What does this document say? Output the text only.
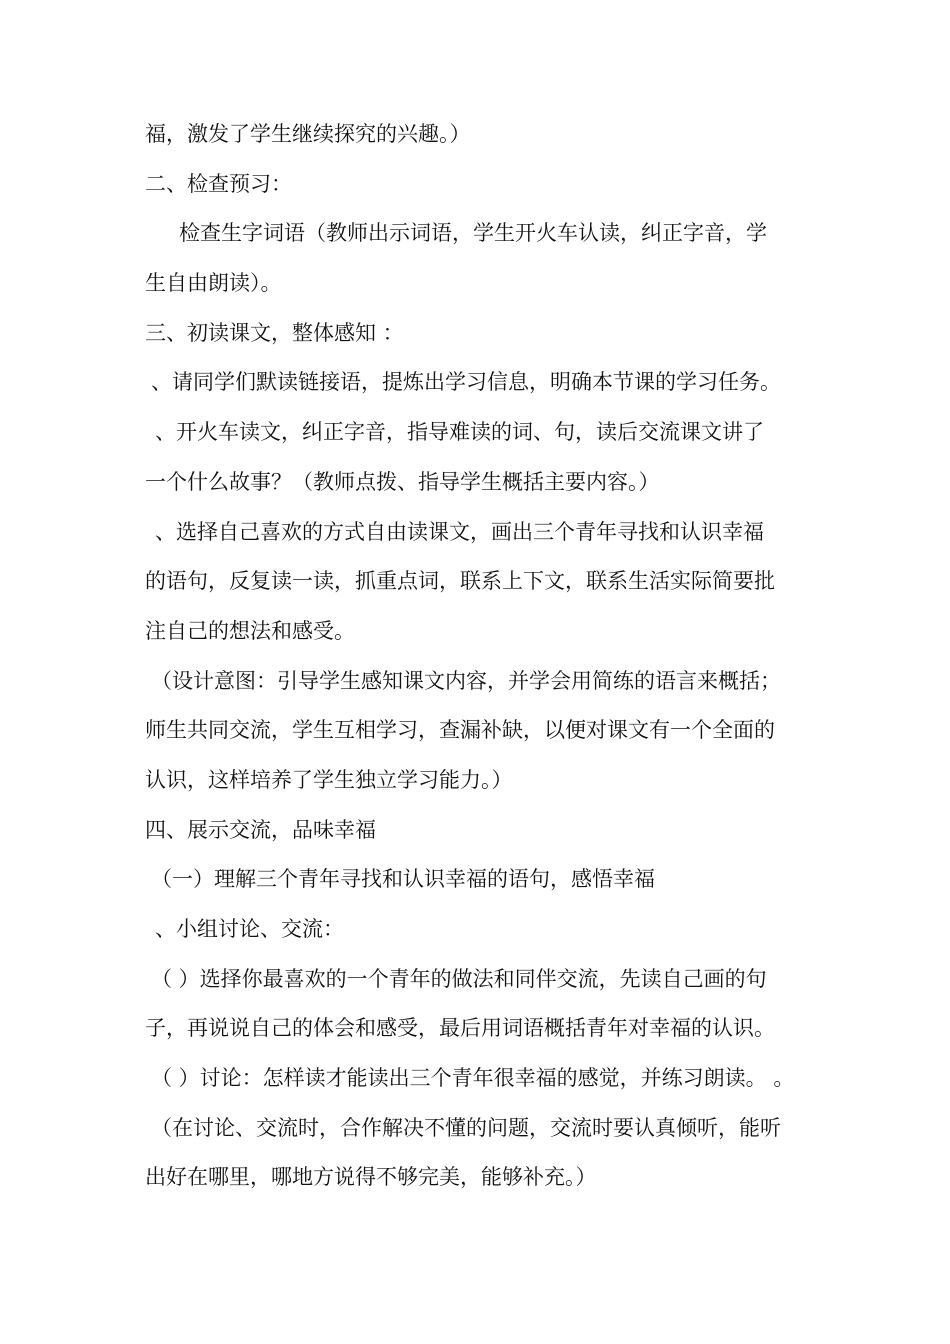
福，激发了学生继续探究的兴趣。）
二、检查预习：
检查生字词语（教师出示词语，学生开火车认读，纠正字音，学
生自由朗读）。
三、初读课文，整体感知 ：
、请同学们默读链接语，提炼出学习信息，明确本节课的学习任务。
、开火车读文，纠正字音，指导难读的词、句，读后交流课文讲了
一个什么故事？（教师点拨、指导学生概括主要内容。）
、选择自己喜欢的方式自由读课文，画出三个青年寻找和认识幸福
的语句，反复读一读，抓重点词，联系上下文，联系生活实际简要批
注自己的想法和感受。
（设计意图：引导学生感知课文内容，并学会用简练的语言来概括；
师生共同交流，学生互相学习，查漏补缺，以便对课文有一个全面的
认识，这样培养了学生独立学习能力。）
四、展示交流，品味幸福
（一）理解三个青年寻找和认识幸福的语句，感悟幸福
、小组讨论、交流：
（ ）选择你最喜欢的一个青年的做法和同伴交流，先读自己画的句
子，再说说自己的体会和感受，最后用词语概括青年对幸福的认识。
（ ）讨论：怎样读才能读出三个青年很幸福的感觉，并练习朗读。 。
（在讨论、交流时，合作解决不懂的问题，交流时要认真倾听，能听
出好在哪里，哪地方说得不够完美，能够补充。）
